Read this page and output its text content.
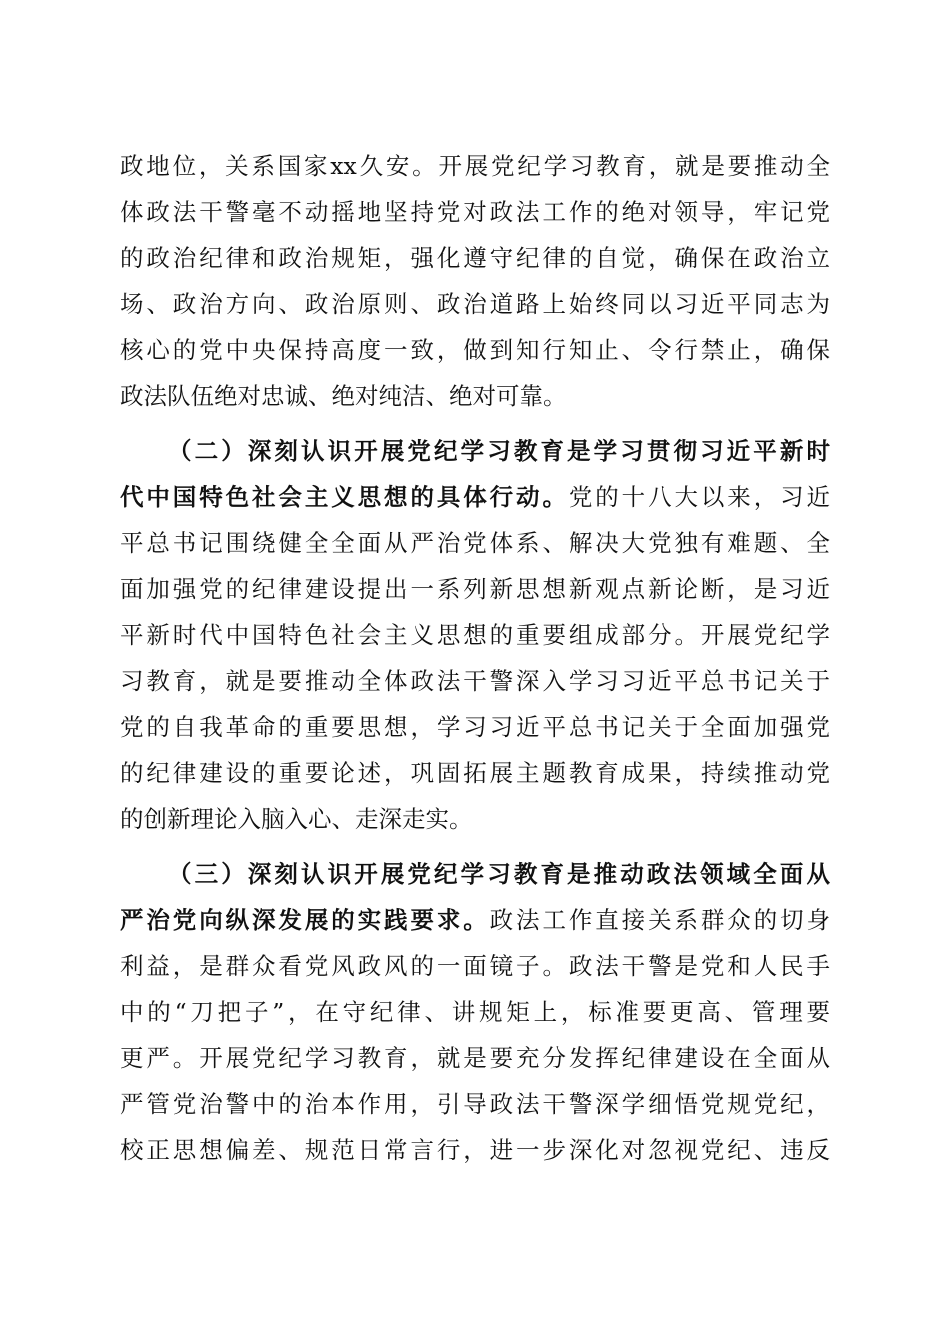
政地位，关系国家xx久安。开展党纪学习教育，就是要推动全
体政法干警毫不动摇地坚持党对政法工作的绝对领导，牢记党
的政治纪律和政治规矩，强化遵守纪律的自觉，确保在政治立
场、政治方向、政治原则、政治道路上始终同以习近平同志为
核心的党中央保持高度一致，做到知行知止、令行禁止，确保
政法队伍绝对忠诚、绝对纯洁、绝对可靠。
（二）深刻认识开展党纪学习教育是学习贯彻习近平新时
代中国特色社会主义思想的具体行动。党的十八大以来，习近
平总书记围绕健全全面从严治党体系、解决大党独有难题、全
面加强党的纪律建设提出一系列新思想新观点新论断，是习近
平新时代中国特色社会主义思想的重要组成部分。开展党纪学
习教育，就是要推动全体政法干警深入学习习近平总书记关于
党的自我革命的重要思想，学习习近平总书记关于全面加强党
的纪律建设的重要论述，巩固拓展主题教育成果，持续推动党
的创新理论入脑入心、走深走实。
（三）深刻认识开展党纪学习教育是推动政法领域全面从
严治党向纵深发展的实践要求。政法工作直接关系群众的切身
利益，是群众看党风政风的一面镜子。政法干警是党和人民手
中的“刀把子”，在守纪律、讲规矩上，标准要更高、管理要
更严。开展党纪学习教育，就是要充分发挥纪律建设在全面从
严管党治警中的治本作用，引导政法干警深学细悟党规党纪，
校正思想偏差、规范日常言行，进一步深化对忽视党纪、违反
